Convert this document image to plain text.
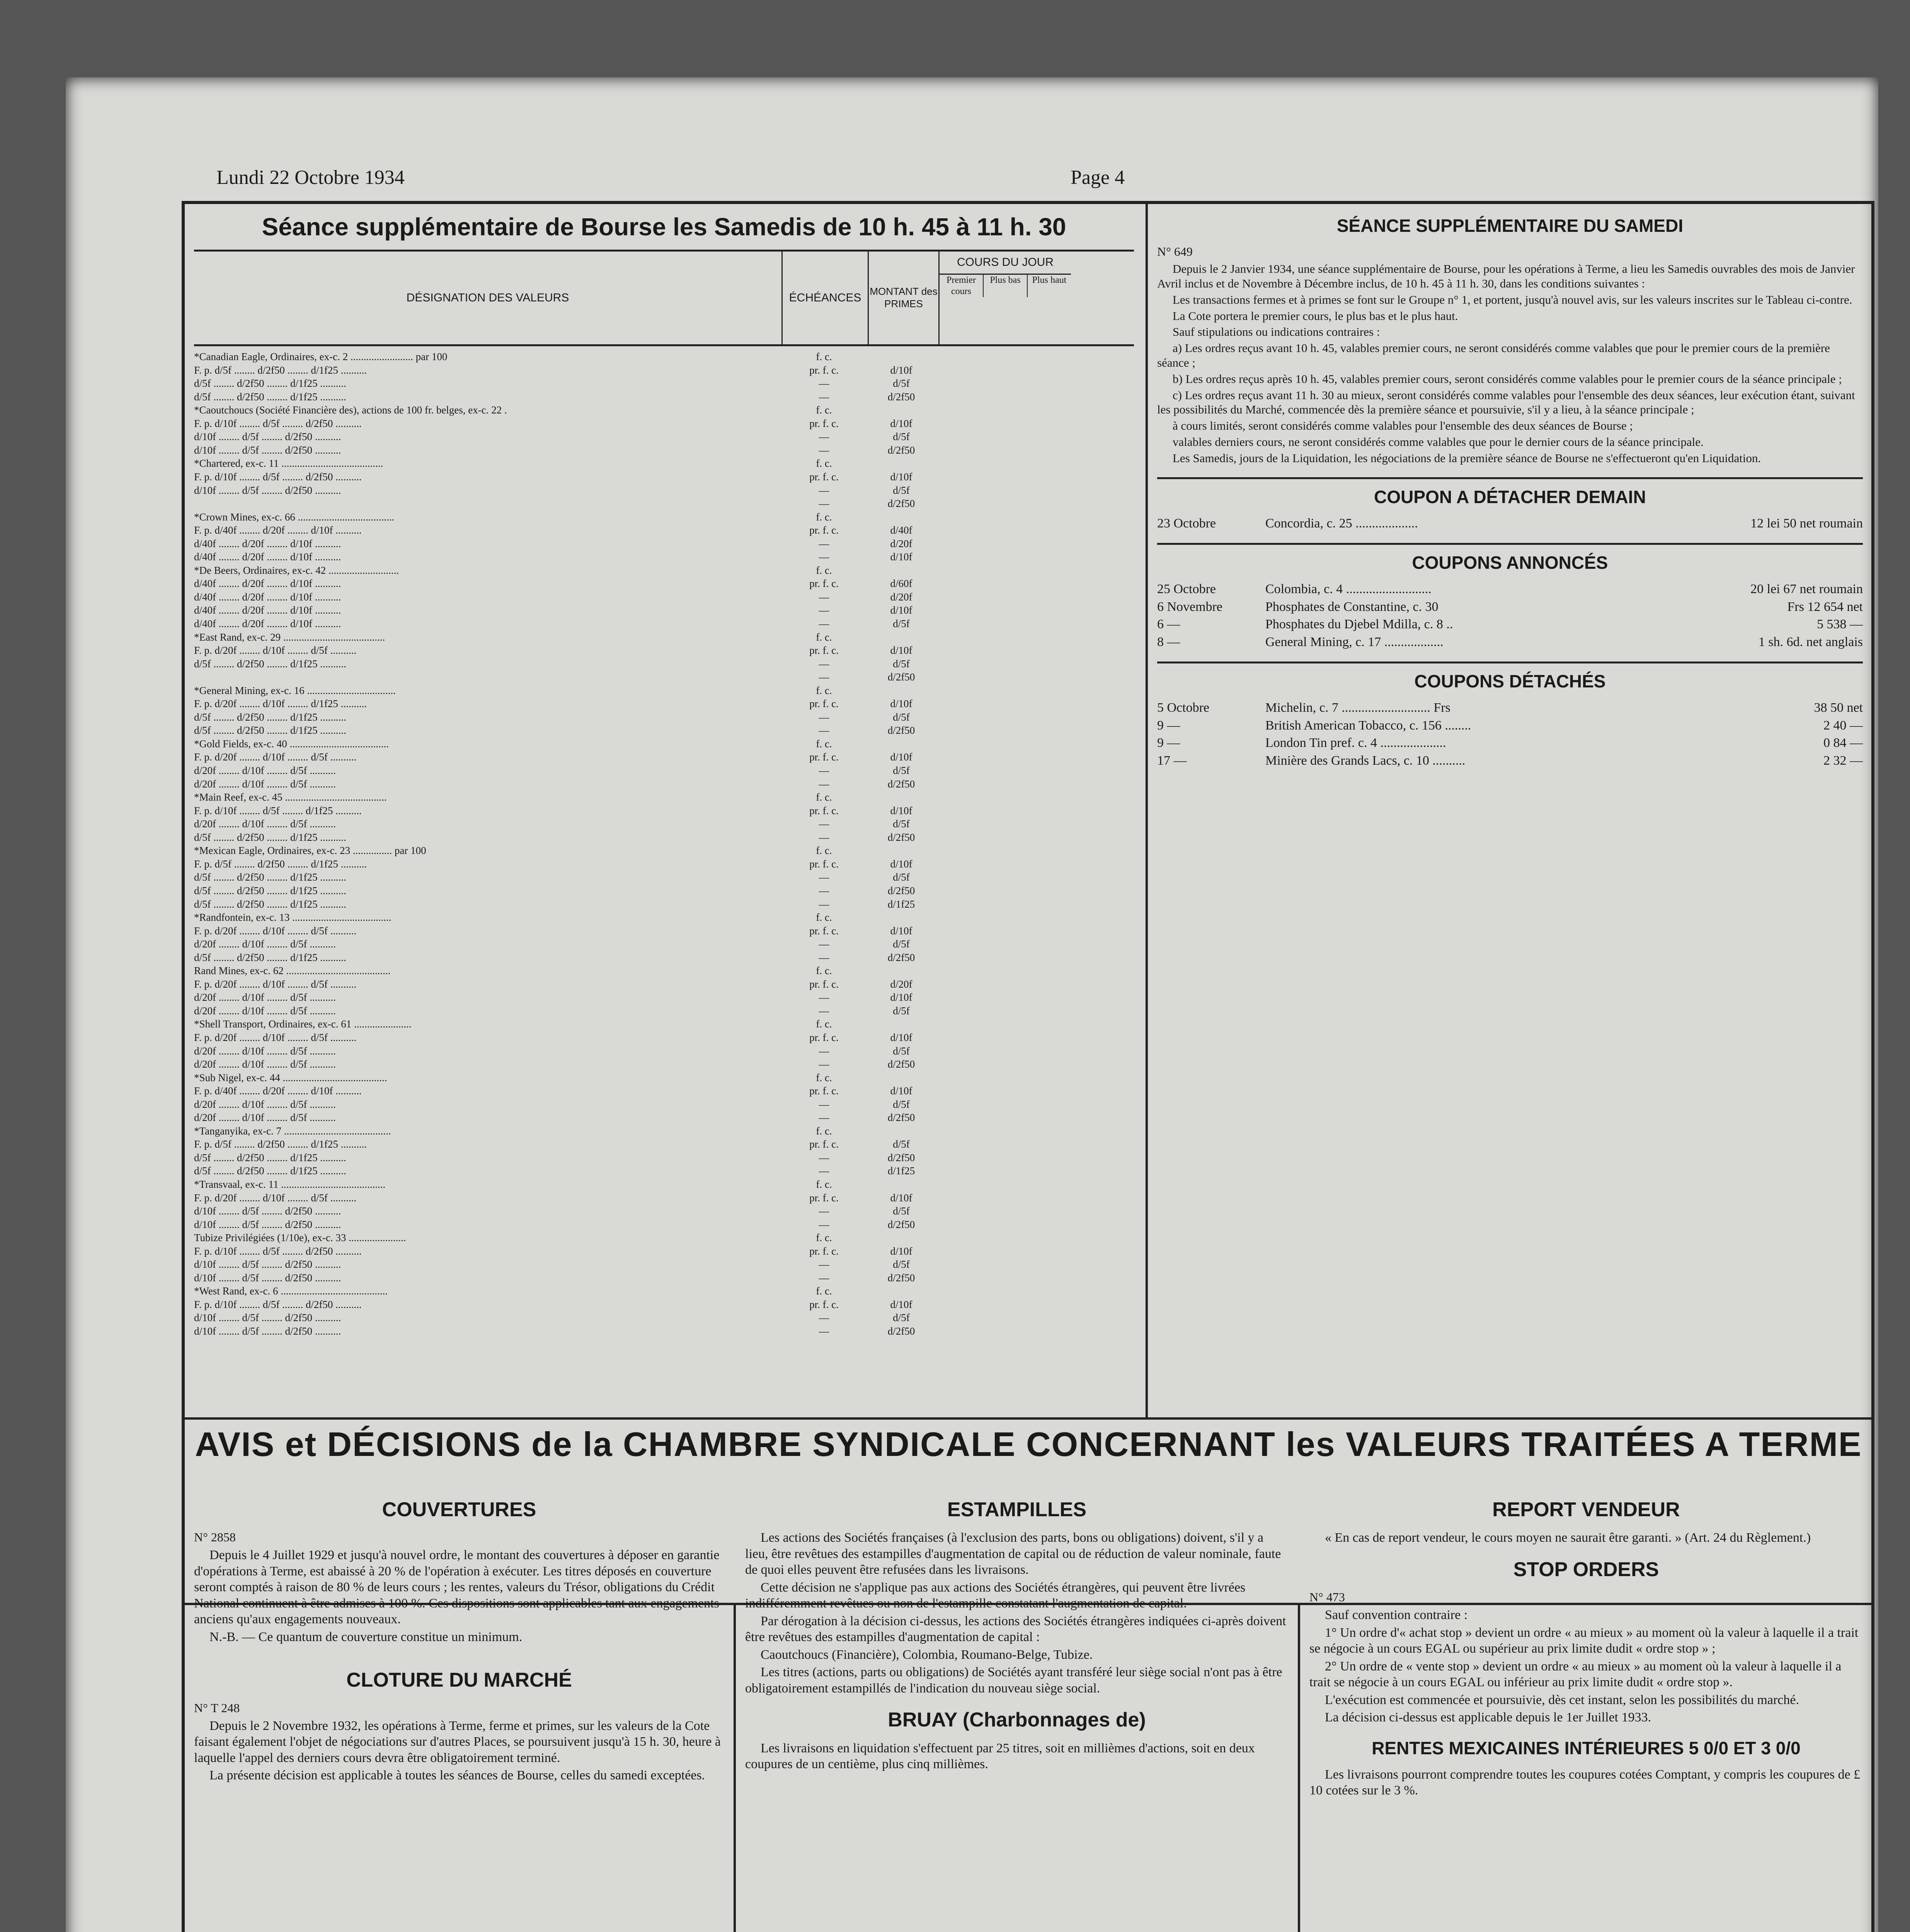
Lundi 22 Octobre 1934	Page 4
Séance supplémentaire de Bourse les Samedis de 10 h. 45 à 11 h. 30
DÉSIGNATION DES VALEURS	ÉCHÉANCES MONTANT des PRIMES
COURS DU JOUR
Premier cours
Plus bas	Plus haut
*Canadian Eagle, Ordinaires, ex-c. 2 ........................ par 100	f. c.
F. p. d/5f ........ d/2f50 ........ d/1f25 ..........	pr. f. c.	d/10f
d/5f ........ d/2f50 ........ d/1f25 ..........	—	d/5f
d/5f ........ d/2f50 ........ d/1f25 ..........	—	d/2f50
*Caoutchoucs (Société Financière des), actions de 100 fr. belges, ex-c. 22 .	f. c.
F. p. d/10f ........ d/5f ........ d/2f50 ..........	pr. f. c.	d/10f
d/10f ........ d/5f ........ d/2f50 ..........	—	d/5f
d/10f ........ d/5f ........ d/2f50 ..........	—	d/2f50
*Chartered, ex-c. 11 .......................................	f. c.
F. p. d/10f ........ d/5f ........ d/2f50 ..........	pr. f. c.	d/10f
d/10f ........ d/5f ........ d/2f50 ..........	—	d/5f
—	d/2f50
*Crown Mines, ex-c. 66 .....................................	f. c.
F. p. d/40f ........ d/20f ........ d/10f ..........	pr. f. c.	d/40f
d/40f ........ d/20f ........ d/10f ..........	—	d/20f
d/40f ........ d/20f ........ d/10f ..........	—	d/10f
*De Beers, Ordinaires, ex-c. 42 ...........................	f. c.
d/40f ........ d/20f ........ d/10f ..........	pr. f. c.	d/60f
d/40f ........ d/20f ........ d/10f ..........	—	d/20f
d/40f ........ d/20f ........ d/10f ..........	—	d/10f
d/40f ........ d/20f ........ d/10f ..........	—	d/5f
*East Rand, ex-c. 29 .......................................	f. c.
F. p. d/20f ........ d/10f ........ d/5f ..........	pr. f. c.	d/10f
d/5f ........ d/2f50 ........ d/1f25 ..........	—	d/5f
—	d/2f50
*General Mining, ex-c. 16 ..................................	f. c.
F. p. d/20f ........ d/10f ........ d/1f25 ..........	pr. f. c.	d/10f
d/5f ........ d/2f50 ........ d/1f25 ..........	—	d/5f
d/5f ........ d/2f50 ........ d/1f25 ..........	—	d/2f50
*Gold Fields, ex-c. 40 ......................................	f. c.
F. p. d/20f ........ d/10f ........ d/5f ..........	pr. f. c.	d/10f
d/20f ........ d/10f ........ d/5f ..........	—	d/5f
d/20f ........ d/10f ........ d/5f ..........	—	d/2f50
*Main Reef, ex-c. 45 .......................................	f. c.
F. p. d/10f ........ d/5f ........ d/1f25 ..........	pr. f. c.	d/10f
d/20f ........ d/10f ........ d/5f ..........	—	d/5f
d/5f ........ d/2f50 ........ d/1f25 ..........	—	d/2f50
*Mexican Eagle, Ordinaires, ex-c. 23 ............... par 100	f. c.
F. p. d/5f ........ d/2f50 ........ d/1f25 ..........	pr. f. c.	d/10f
d/5f ........ d/2f50 ........ d/1f25 ..........	—	d/5f
d/5f ........ d/2f50 ........ d/1f25 ..........	—	d/2f50
d/5f ........ d/2f50 ........ d/1f25 ..........	—	d/1f25
*Randfontein, ex-c. 13 ......................................	f. c.
F. p. d/20f ........ d/10f ........ d/5f ..........	pr. f. c.	d/10f
d/20f ........ d/10f ........ d/5f ..........	—	d/5f
d/5f ........ d/2f50 ........ d/1f25 ..........	—	d/2f50
Rand Mines, ex-c. 62 ........................................	f. c.
F. p. d/20f ........ d/10f ........ d/5f ..........	pr. f. c.	d/20f
d/20f ........ d/10f ........ d/5f ..........	—	d/10f
d/20f ........ d/10f ........ d/5f ..........	—	d/5f
*Shell Transport, Ordinaires, ex-c. 61 ......................	f. c.
F. p. d/20f ........ d/10f ........ d/5f ..........	pr. f. c.	d/10f
d/20f ........ d/10f ........ d/5f ..........	—	d/5f
d/20f ........ d/10f ........ d/5f ..........	—	d/2f50
*Sub Nigel, ex-c. 44 ........................................	f. c.
F. p. d/40f ........ d/20f ........ d/10f ..........	pr. f. c.	d/10f
d/20f ........ d/10f ........ d/5f ..........	—	d/5f
d/20f ........ d/10f ........ d/5f ..........	—	d/2f50
*Tanganyika, ex-c. 7 .........................................	f. c.
F. p. d/5f ........ d/2f50 ........ d/1f25 ..........	pr. f. c.	d/5f
d/5f ........ d/2f50 ........ d/1f25 ..........	—	d/2f50
d/5f ........ d/2f50 ........ d/1f25 ..........	—	d/1f25
*Transvaal, ex-c. 11 ........................................	f. c.
F. p. d/20f ........ d/10f ........ d/5f ..........	pr. f. c.	d/10f
d/10f ........ d/5f ........ d/2f50 ..........	—	d/5f
d/10f ........ d/5f ........ d/2f50 ..........	—	d/2f50
Tubize Privilégiées (1/10e), ex-c. 33 ......................	f. c.
F. p. d/10f ........ d/5f ........ d/2f50 ..........	pr. f. c.	d/10f
d/10f ........ d/5f ........ d/2f50 ..........	—	d/5f
d/10f ........ d/5f ........ d/2f50 ..........	—	d/2f50
*West Rand, ex-c. 6 .........................................	f. c.
F. p. d/10f ........ d/5f ........ d/2f50 ..........	pr. f. c.	d/10f
d/10f ........ d/5f ........ d/2f50 ..........	—	d/5f
d/10f ........ d/5f ........ d/2f50 ..........	—	d/2f50
SÉANCE SUPPLÉMENTAIRE DU SAMEDI
N° 649

Depuis le 2 Janvier 1934, une séance supplémentaire de Bourse, pour les opérations à Terme, a lieu les Samedis ouvrables des mois de Janvier Avril inclus et de Novembre à Décembre inclus, de 10 h. 45 à 11 h. 30, dans les conditions suivantes :

Les transactions fermes et à primes se font sur le Groupe n° 1, et portent, jusqu'à nouvel avis, sur les valeurs inscrites sur le Tableau ci-contre.

La Cote portera le premier cours, le plus bas et le plus haut.

Sauf stipulations ou indications contraires :

a) Les ordres reçus avant 10 h. 45, valables premier cours, ne seront considérés comme valables que pour le premier cours de la première séance ;

b) Les ordres reçus après 10 h. 45, valables premier cours, seront considérés comme valables pour le premier cours de la séance principale ;

c) Les ordres reçus avant 11 h. 30 au mieux, seront considérés comme valables pour l'ensemble des deux séances, leur exécution étant, suivant les possibilités du Marché, commencée dès la première séance et poursuivie, s'il y a lieu, à la séance principale ;

à cours limités, seront considérés comme valables pour l'ensemble des deux séances de Bourse ;

valables derniers cours, ne seront considérés comme valables que pour le dernier cours de la séance principale.

Les Samedis, jours de la Liquidation, les négociations de la première séance de Bourse ne s'effectueront qu'en Liquidation.

COUPON A DÉTACHER DEMAIN
23 Octobre	Concordia, c. 25 ...................	12 lei 50 net roumain
COUPONS ANNONCÉS
25 Octobre	Colombia, c. 4 ..........................	20 lei 67 net roumain
6 Novembre	Phosphates de Constantine, c. 30	Frs 12 654 net
6 —	Phosphates du Djebel Mdilla, c. 8 ..	5 538 —
8 —	General Mining, c. 17 ..................	1 sh. 6d. net anglais
COUPONS DÉTACHÉS
5 Octobre	Michelin, c. 7 ........................... Frs	38 50 net
9 —	British American Tobacco, c. 156 ........	2 40 —
9 —	London Tin pref. c. 4 ....................	0 84 —
17 —	Minière des Grands Lacs, c. 10 ..........	2 32 —
AVIS et DÉCISIONS de la CHAMBRE SYNDICALE CONCERNANT les VALEURS TRAITÉES A TERME
COUVERTURES
N° 2858

Depuis le 4 Juillet 1929 et jusqu'à nouvel ordre, le montant des couvertures à déposer en garantie d'opérations à Terme, est abaissé à 20 % de l'opération à exécuter. Les titres déposés en couverture seront comptés à raison de 80 % de leurs cours ; les rentes, valeurs du Trésor, obligations du Crédit National continuent à être admises à 100 %. Ces dispositions sont applicables tant aux engagements anciens qu'aux engagements nouveaux.

N.-B. — Ce quantum de couverture constitue un minimum.

CLOTURE DU MARCHÉ
N° T 248

Depuis le 2 Novembre 1932, les opérations à Terme, ferme et primes, sur les valeurs de la Cote faisant également l'objet de négociations sur d'autres Places, se poursuivent jusqu'à 15 h. 30, heure à laquelle l'appel des derniers cours devra être obligatoirement terminé.

La présente décision est applicable à toutes les séances de Bourse, celles du samedi exceptées.

ESTAMPILLES

Les actions des Sociétés françaises (à l'exclusion des parts, bons ou obligations) doivent, s'il y a lieu, être revêtues des estampilles d'augmentation de capital ou de réduction de valeur nominale, faute de quoi elles peuvent être refusées dans les livraisons.

Cette décision ne s'applique pas aux actions des Sociétés étrangères, qui peuvent être livrées indifféremment revêtues ou non de l'estampille constatant l'augmentation de capital.

Par dérogation à la décision ci-dessus, les actions des Sociétés étrangères indiquées ci-après doivent être revêtues des estampilles d'augmentation de capital :

Caoutchoucs (Financière), Colombia, Roumano-Belge, Tubize.

Les titres (actions, parts ou obligations) de Sociétés ayant transféré leur siège social n'ont pas à être obligatoirement estampillés de l'indication du nouveau siège social.

BRUAY (Charbonnages de)

Les livraisons en liquidation s'effectuent par 25 titres, soit en millièmes d'actions, soit en deux coupures de un centième, plus cinq millièmes.

REPORT VENDEUR

« En cas de report vendeur, le cours moyen ne saurait être garanti. » (Art. 24 du Règlement.)

STOP ORDERS
N° 473

Sauf convention contraire :

1° Un ordre d'« achat stop » devient un ordre « au mieux » au moment où la valeur à laquelle il a trait se négocie à un cours EGAL ou supérieur au prix limite dudit « ordre stop » ;

2° Un ordre de « vente stop » devient un ordre « au mieux » au moment où la valeur à laquelle il a trait se négocie à un cours EGAL ou inférieur au prix limite dudit « ordre stop ».

L'exécution est commencée et poursuivie, dès cet instant, selon les possibilités du marché.

La décision ci-dessus est applicable depuis le 1er Juillet 1933.

RENTES MEXICAINES INTÉRIEURES 5 0/0 ET 3 0/0

Les livraisons pourront comprendre toutes les coupures cotées Comptant, y compris les coupures de £ 10 cotées sur le 3 %.
